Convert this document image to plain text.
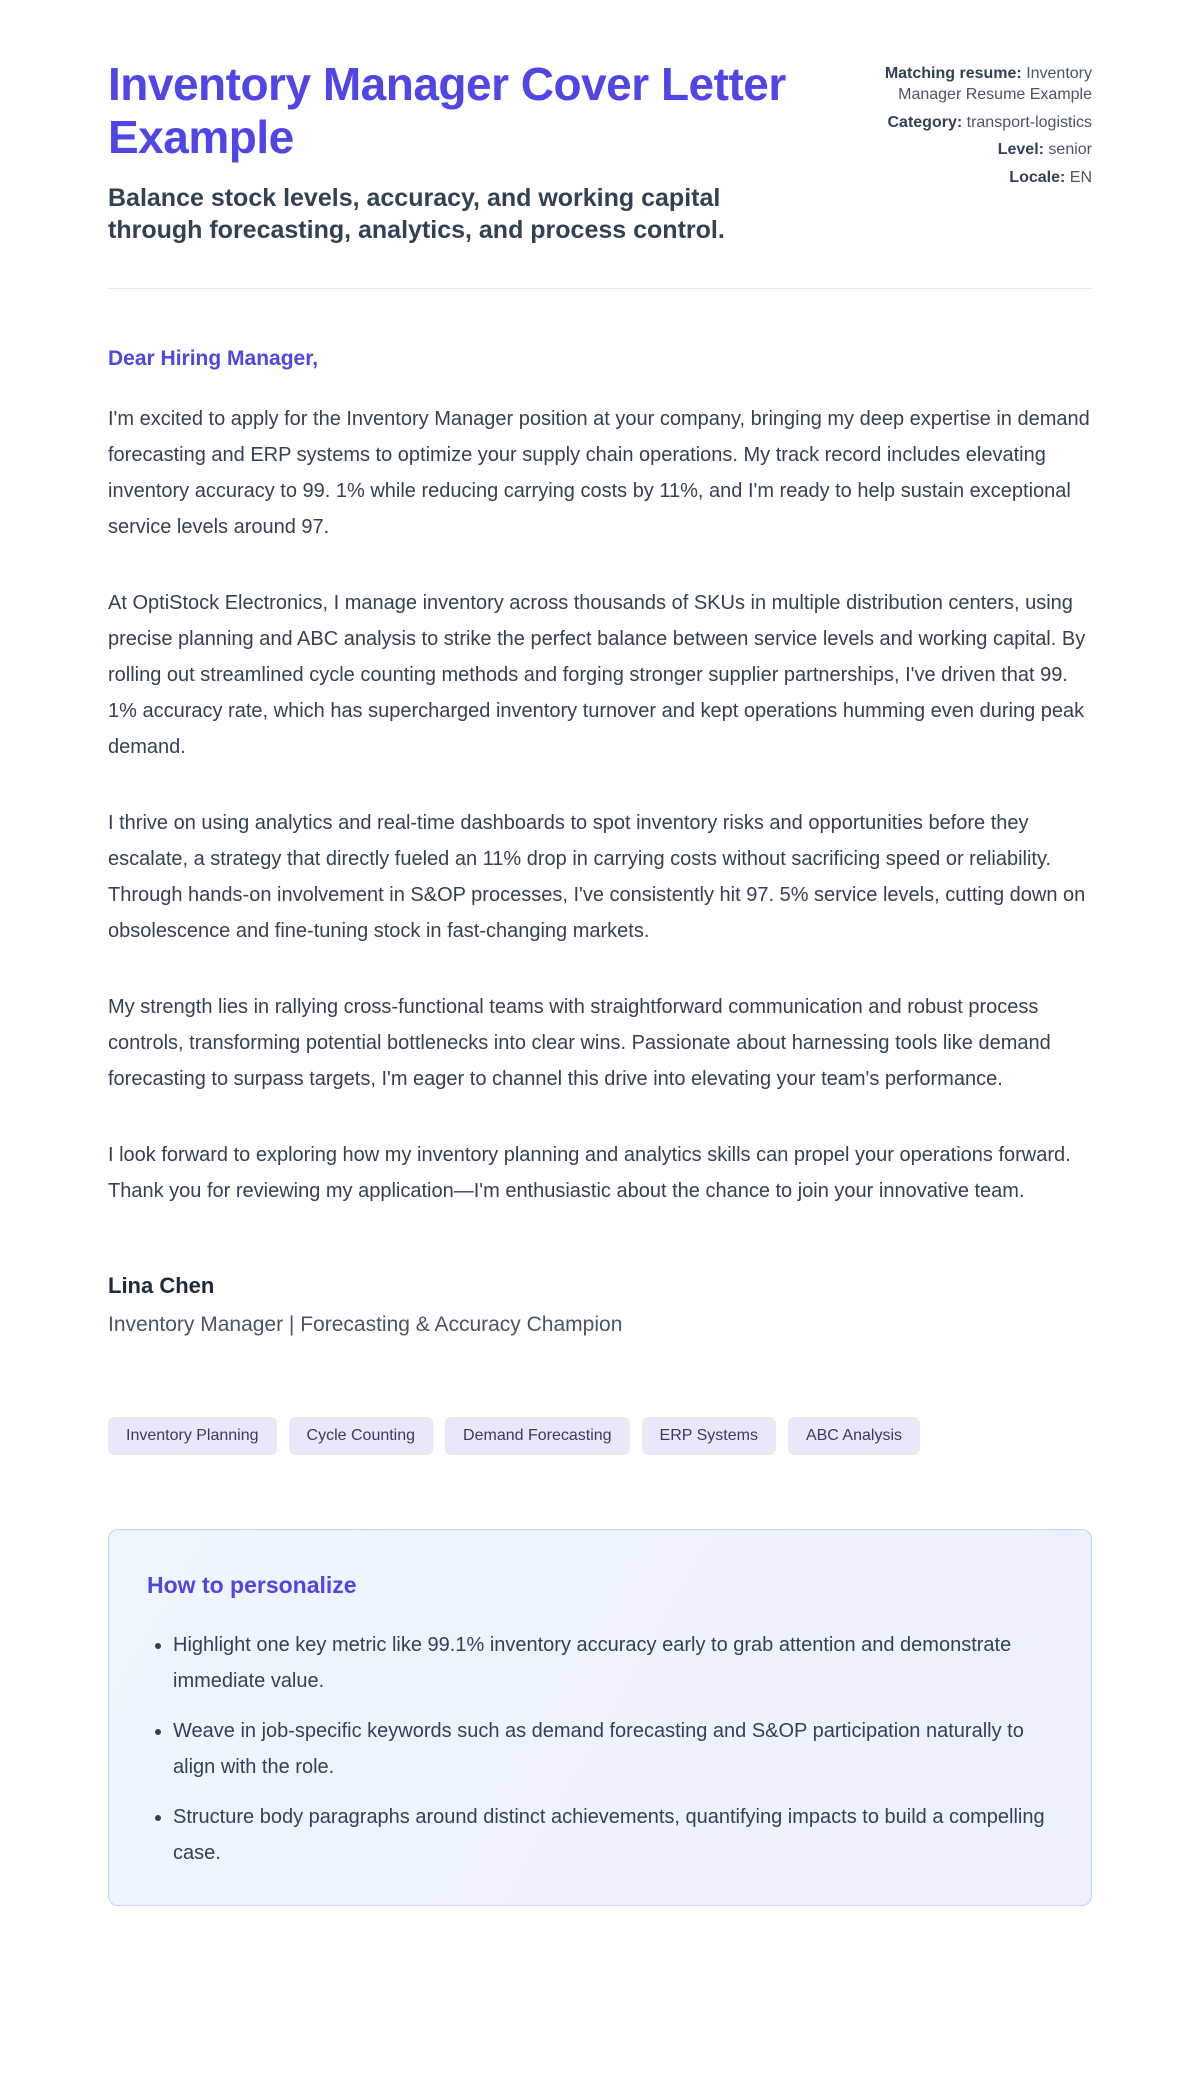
Inventory Manager Cover Letter Example

Balance stock levels, accuracy, and working capital through forecasting, analytics, and process control.

Matching resume: Inventory Manager Resume Example
Category: transport-logistics
Level: senior
Locale: EN

Dear Hiring Manager,

I'm excited to apply for the Inventory Manager position at your company, bringing my deep expertise in demand forecasting and ERP systems to optimize your supply chain operations. My track record includes elevating inventory accuracy to 99. 1% while reducing carrying costs by 11%, and I'm ready to help sustain exceptional service levels around 97.

At OptiStock Electronics, I manage inventory across thousands of SKUs in multiple distribution centers, using precise planning and ABC analysis to strike the perfect balance between service levels and working capital. By rolling out streamlined cycle counting methods and forging stronger supplier partnerships, I've driven that 99. 1% accuracy rate, which has supercharged inventory turnover and kept operations humming even during peak demand.

I thrive on using analytics and real-time dashboards to spot inventory risks and opportunities before they escalate, a strategy that directly fueled an 11% drop in carrying costs without sacrificing speed or reliability. Through hands-on involvement in S&OP processes, I've consistently hit 97. 5% service levels, cutting down on obsolescence and fine-tuning stock in fast-changing markets.

My strength lies in rallying cross-functional teams with straightforward communication and robust process controls, transforming potential bottlenecks into clear wins. Passionate about harnessing tools like demand forecasting to surpass targets, I'm eager to channel this drive into elevating your team's performance.

I look forward to exploring how my inventory planning and analytics skills can propel your operations forward. Thank you for reviewing my application—I'm enthusiastic about the chance to join your innovative team.

Lina Chen

Inventory Manager | Forecasting & Accuracy Champion

Inventory Planning	Cycle Counting	Demand Forecasting	ERP Systems	ABC Analysis
How to personalize
• Highlight one key metric like 99.1% inventory accuracy early to grab attention and demonstrate immediate value.
• Weave in job-specific keywords such as demand forecasting and S&OP participation naturally to align with the role.
• Structure body paragraphs around distinct achievements, quantifying impacts to build a compelling case.
